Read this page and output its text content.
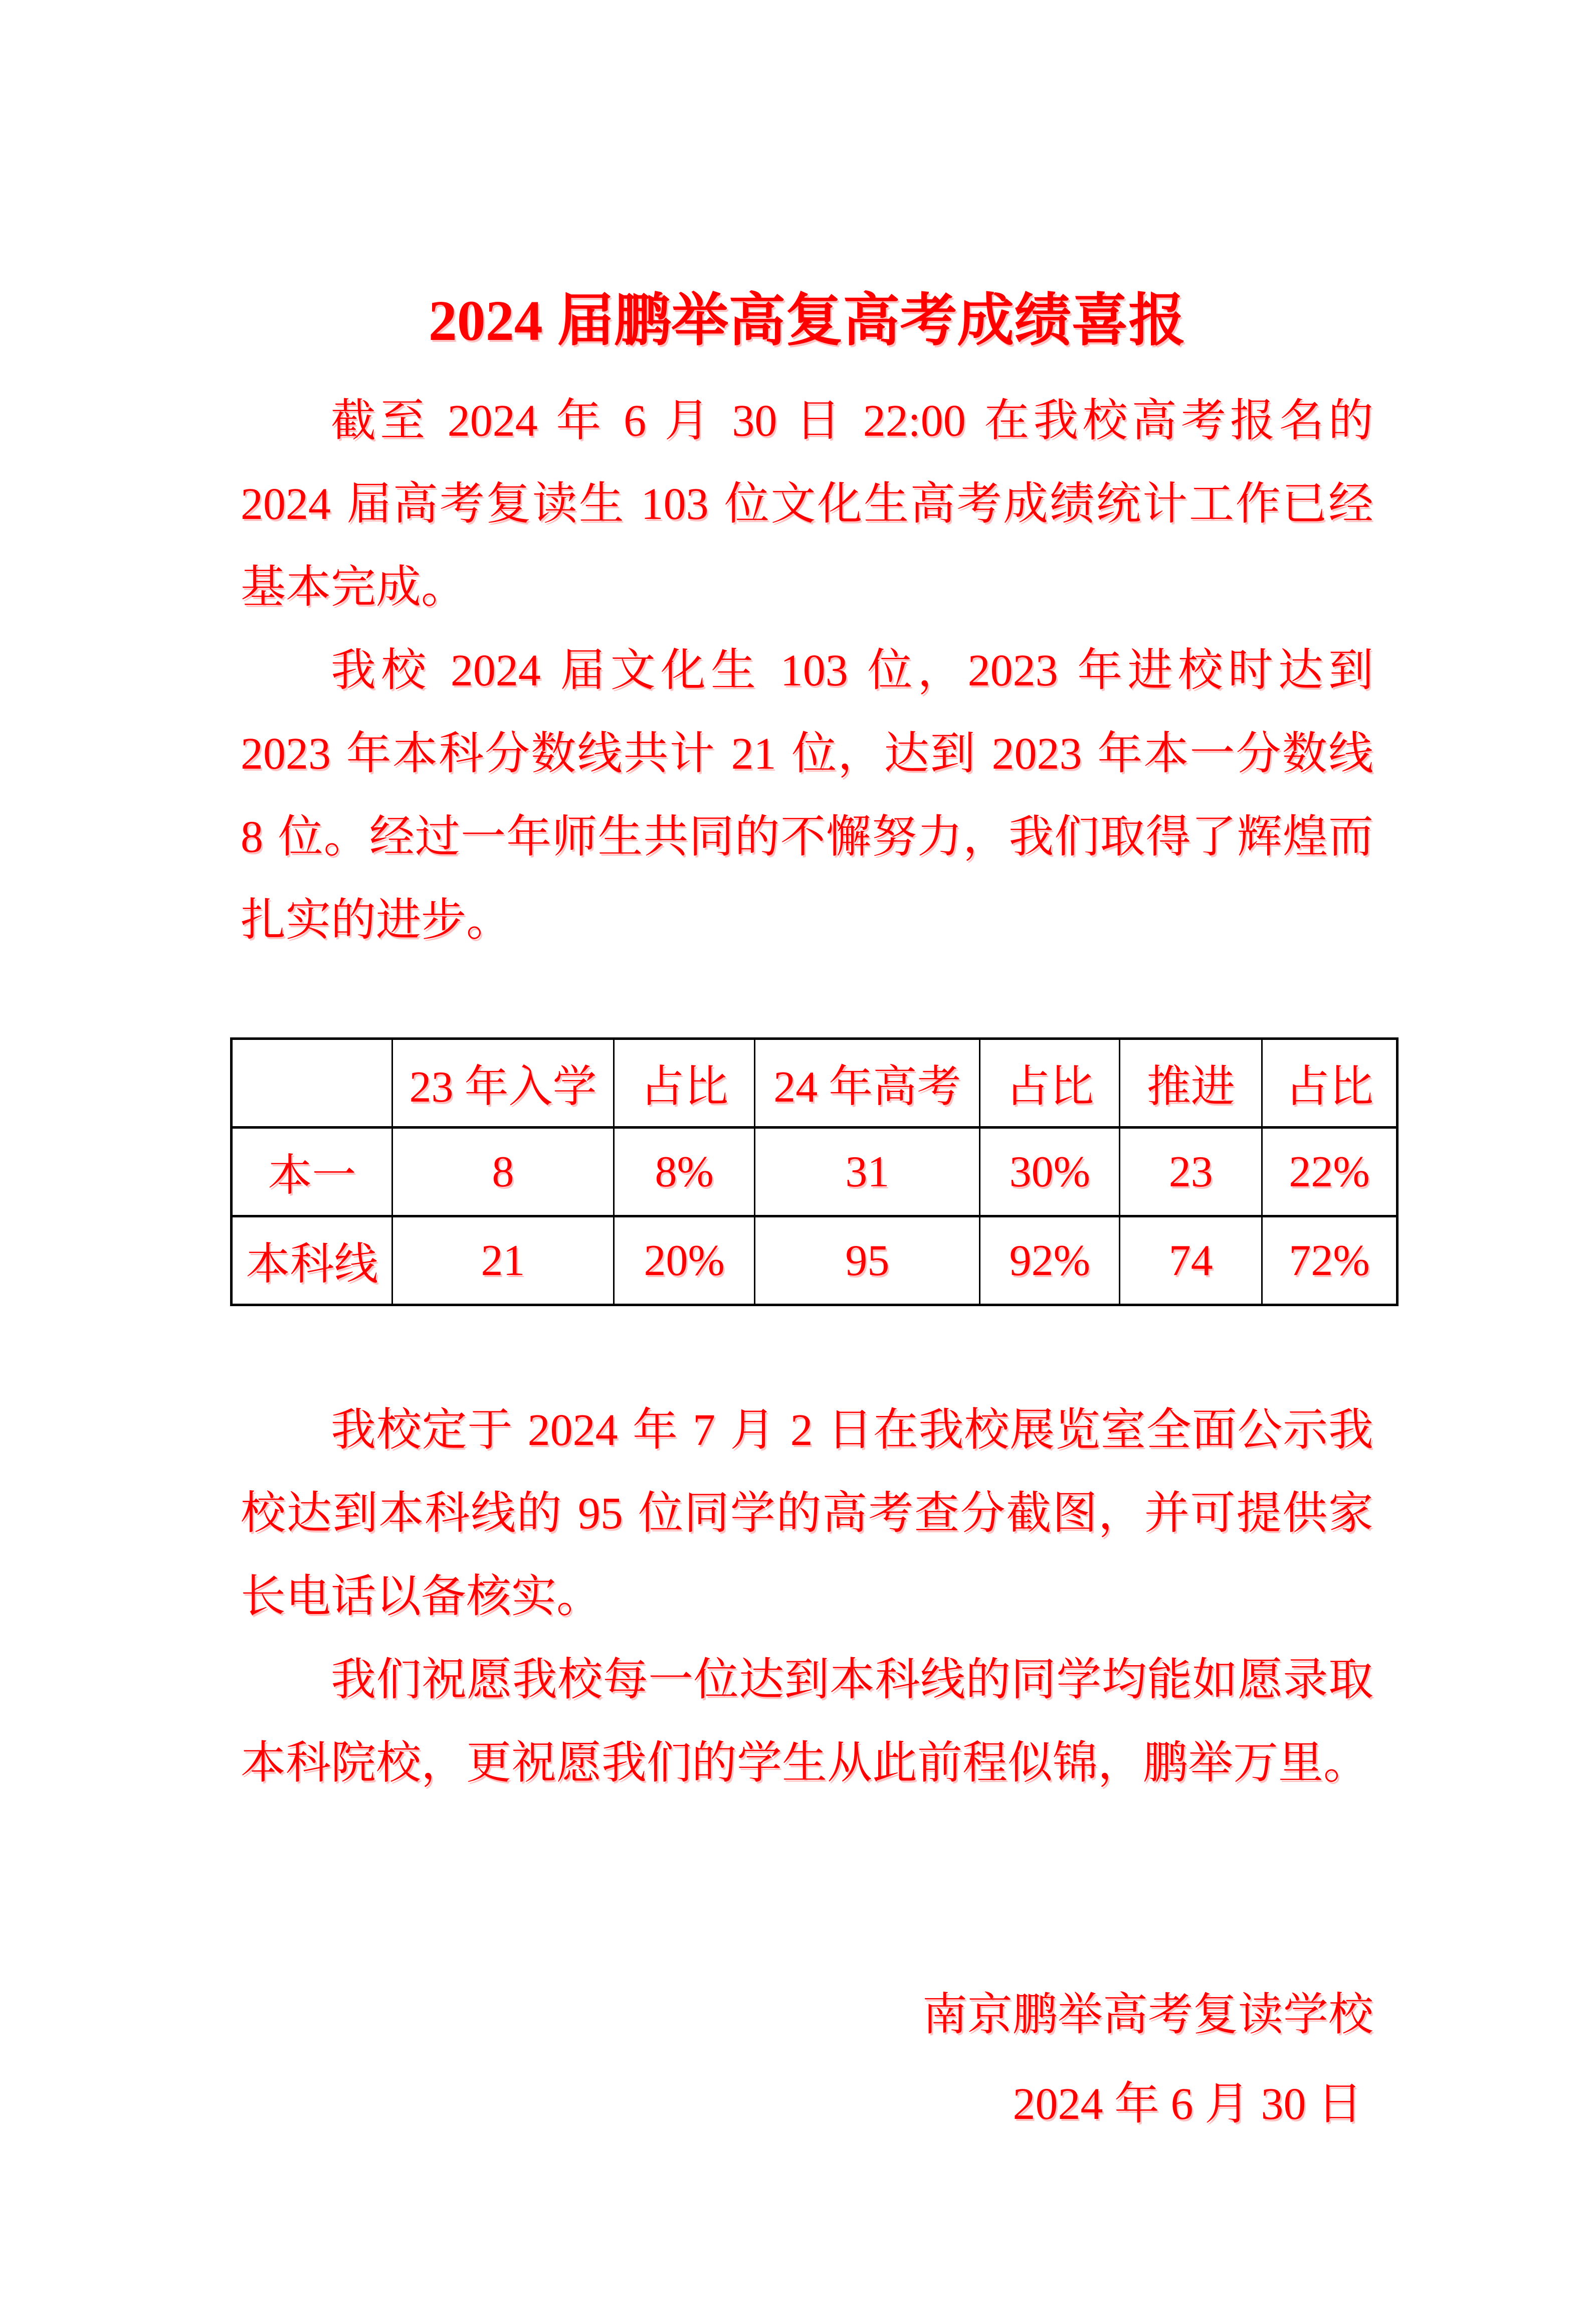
2024 届鹏举高复高考成绩喜报

截至 2024 年 6 月 30 日 22:00 在我校高考报名的 2024 届高考复读生 103 位文化生高考成绩统计工作已经基本完成。

我校 2024 届文化生 103 位，2023 年进校时达到 2023 年本科分数线共计 21 位，达到 2023 年本一分数线 8 位。经过一年师生共同的不懈努力，我们取得了辉煌而扎实的进步。

	23 年入学	占比	24 年高考	占比	推进	占比
本一	8	8%	31	30%	23	22%
本科线	21	20%	95	92%	74	72%

我校定于 2024 年 7 月 2 日在我校展览室全面公示我校达到本科线的 95 位同学的高考查分截图，并可提供家长电话以备核实。

我们祝愿我校每一位达到本科线的同学均能如愿录取本科院校，更祝愿我们的学生从此前程似锦，鹏举万里。

南京鹏举高考复读学校
2024 年 6 月 30 日
